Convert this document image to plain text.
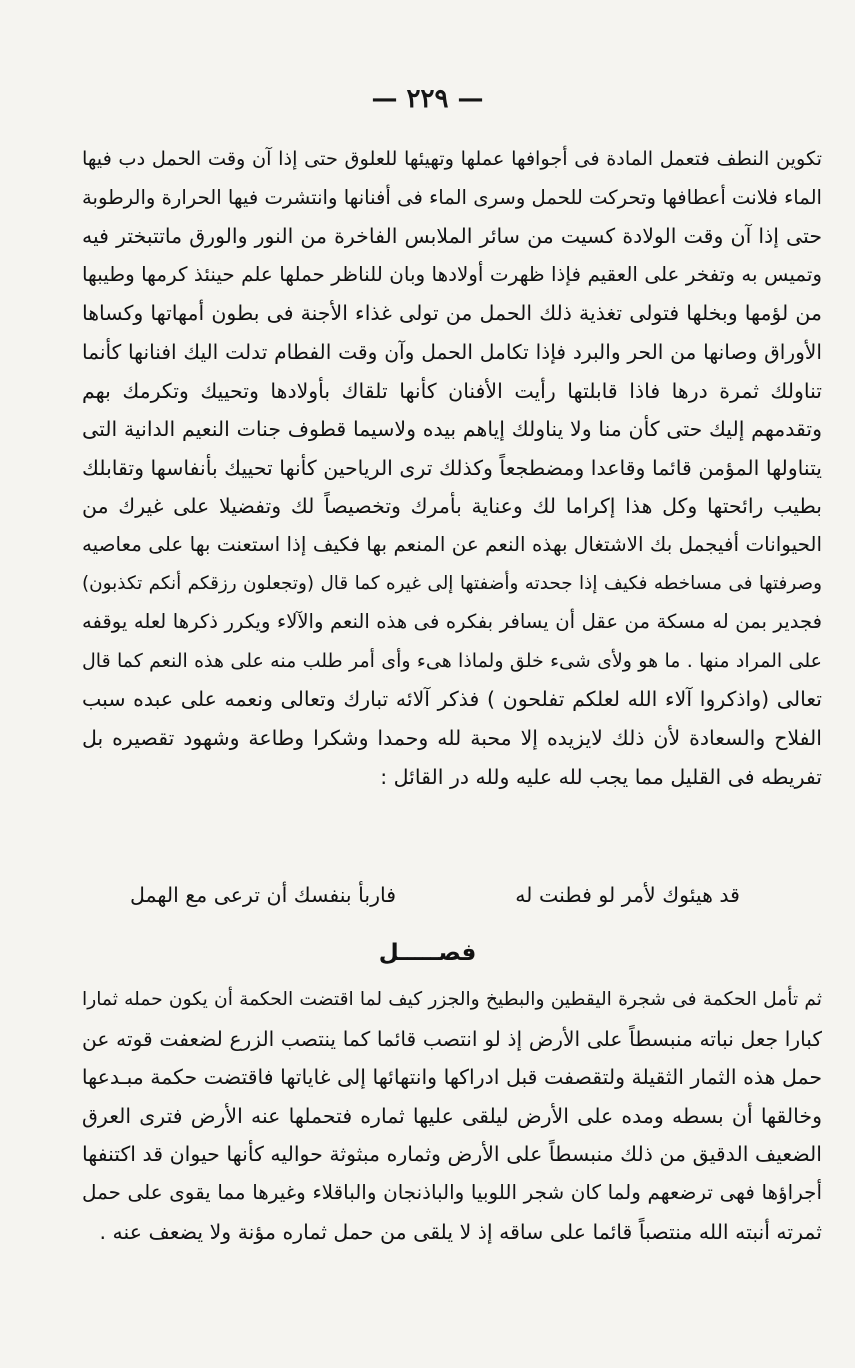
— ٢٢٩ —
تكوين النطف فتعمل المادة فى أجوافها عملها وتهيئها للعلوق حتى إذا آن وقت الحمل دب فيها
الماء فلانت أعطافها وتحركت للحمل وسرى الماء فى أفنانها وانتشرت فيها الحرارة والرطوبة
حتى إذا آن وقت الولادة كسيت من سائر الملابس الفاخرة من النور والورق ماتتبختر فيه
وتميس به وتفخر على العقيم فإذا ظهرت أولادها وبان للناظر حملها علم حينئذ كرمها وطيبها
من لؤمها وبخلها فتولى تغذية ذلك الحمل من تولى غذاء الأجنة فى بطون أمهاتها وكساها
الأوراق وصانها من الحر والبرد فإذا تكامل الحمل وآن وقت الفطام تدلت اليك افنانها كأنما
تناولك ثمرة درها فاذا قابلتها رأيت الأفنان كأنها تلقاك بأولادها وتحييك وتكرمك بهم
وتقدمهم إليك حتى كأن منا ولا يناولك إياهم بيده ولاسيما قطوف جنات النعيم الدانية التى
يتناولها المؤمن قائما وقاعدا ومضطجعاً وكذلك ترى الرياحين كأنها تحييك بأنفاسها وتقابلك
بطيب رائحتها وكل هذا إكراما لك وعناية بأمرك وتخصيصاً لك وتفضيلا على غيرك من
الحيوانات أفيجمل بك الاشتغال بهذه النعم عن المنعم بها فكيف إذا استعنت بها على معاصيه
وصرفتها فى مساخطه فكيف إذا جحدته وأضفتها إلى غيره كما قال (وتجعلون رزقكم أنكم تكذبون)
فجدير بمن له مسكة من عقل أن يسافر بفكره فى هذه النعم والآلاء ويكرر ذكرها لعله يوقفه
على المراد منها . ما هو ولأى شىء خلق ولماذا هىء وأى أمر طلب منه على هذه النعم كما قال
تعالى (واذكروا آلاء الله لعلكم تفلحون ) فذكر آلائه تبارك وتعالى ونعمه على عبده سبب
الفلاح والسعادة لأن ذلك لايزيده إلا محبة لله وحمدا وشكرا وطاعة وشهود تقصيره بل
تفريطه فى القليل مما يجب لله عليه ولله در القائل :
قد هيئوك لأمر لو فطنت له
فاربأ بنفسك أن ترعى مع الهمل
فصـــــل
ثم تأمل الحكمة فى شجرة اليقطين والبطيخ والجزر كيف لما اقتضت الحكمة أن يكون حمله ثمارا
كبارا جعل نباته منبسطاً على الأرض إذ لو انتصب قائما كما ينتصب الزرع لضعفت قوته عن
حمل هذه الثمار الثقيلة ولتقصفت قبل ادراكها وانتهائها إلى غاياتها فاقتضت حكمة مبـدعها
وخالقها أن بسطه ومده على الأرض ليلقى عليها ثماره فتحملها عنه الأرض فترى العرق
الضعيف الدقيق من ذلك منبسطاً على الأرض وثماره مبثوثة حواليه كأنها حيوان قد اكتنفها
أجراؤها فهى ترضعهم ولما كان شجر اللوبيا والباذنجان والباقلاء وغيرها مما يقوى على حمل
ثمرته أنبته الله منتصباً قائما على ساقه إذ لا يلقى من حمل ثماره مؤنة ولا يضعف عنه .
